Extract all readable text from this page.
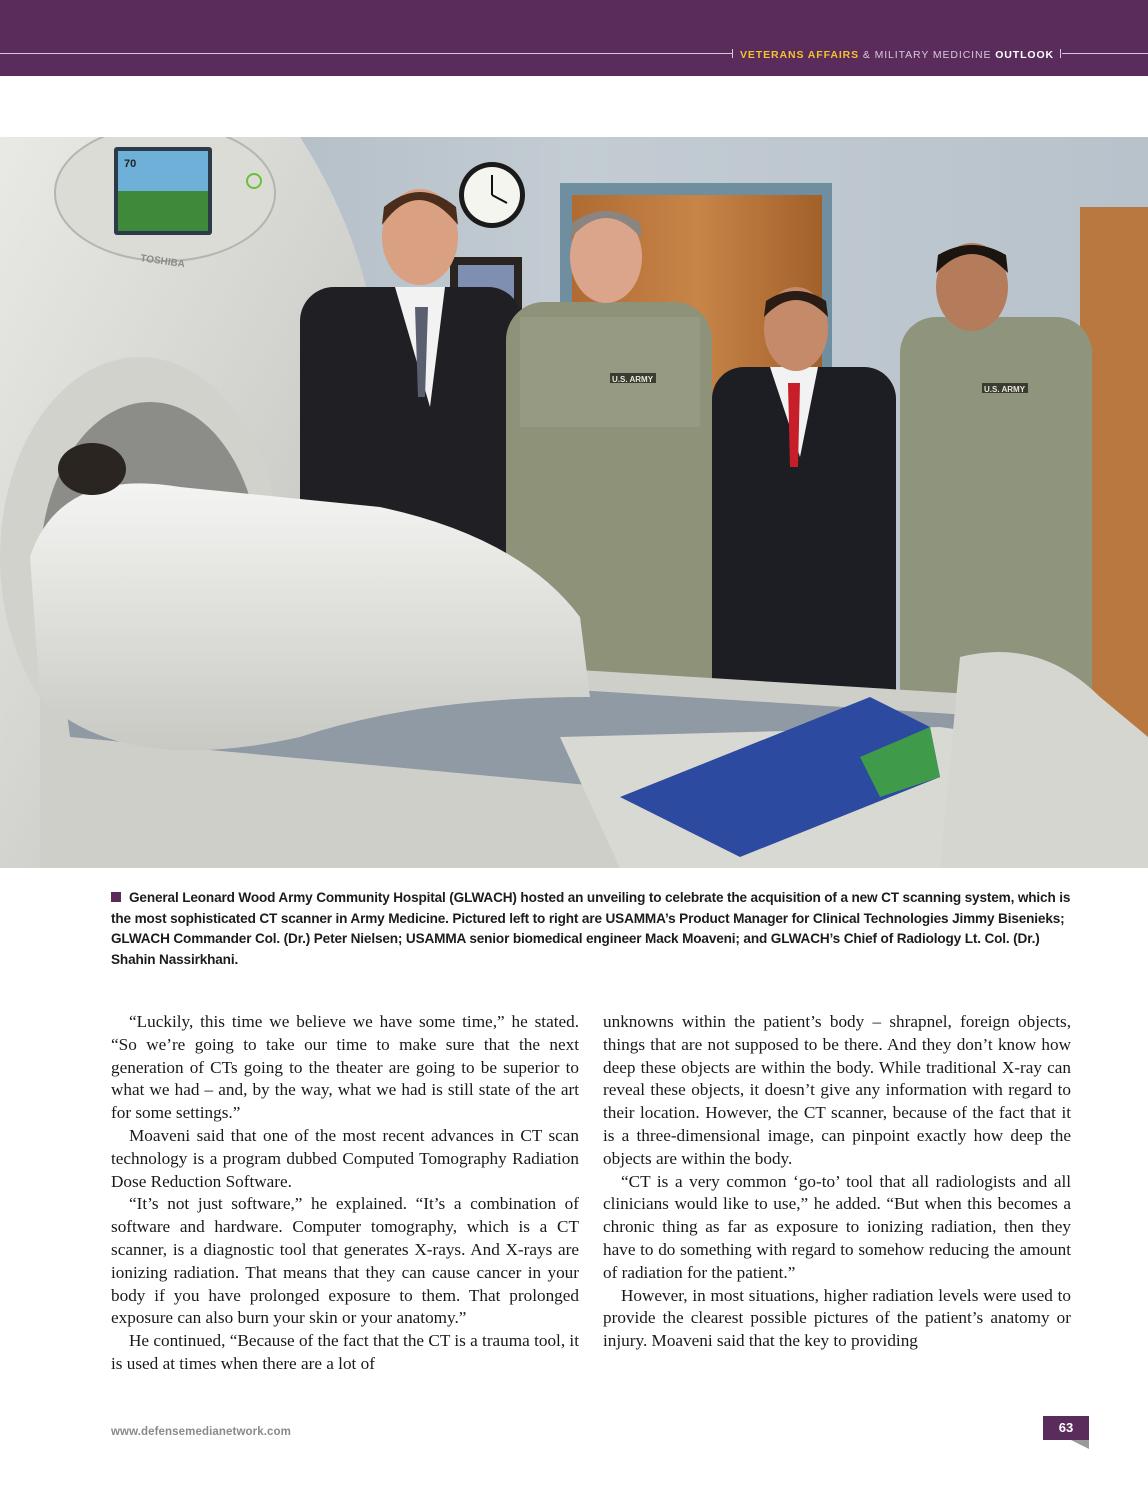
VETERANS AFFAIRS & MILITARY MEDICINE OUTLOOK
70
TOSHIBA
U.S. ARMY
U.S. ARMY
General Leonard Wood Army Community Hospital (GLWACH) hosted an unveiling to celebrate the acquisition of a new CT scanning system, which is the most sophisticated CT scanner in Army Medicine. Pictured left to right are USAMMA’s Product Manager for Clinical Technologies Jimmy Bisenieks; GLWACH Commander Col. (Dr.) Peter Nielsen; USAMMA senior biomedical engineer Mack Moaveni; and GLWACH’s Chief of Radiology Lt. Col. (Dr.) Shahin Nassirkhani.

“Luckily, this time we believe we have some time,” he stated. “So we’re going to take our time to make sure that the next generation of CTs going to the theater are going to be superior to what we had – and, by the way, what we had is still state of the art for some settings.”

Moaveni said that one of the most recent advances in CT scan technology is a program dubbed Computed Tomography Radiation Dose Reduction Software.

“It’s not just software,” he explained. “It’s a combination of software and hardware. Computer tomography, which is a CT scanner, is a diagnostic tool that generates X-rays. And X-rays are ionizing radiation. That means that they can cause cancer in your body if you have prolonged exposure to them. That prolonged exposure can also burn your skin or your anatomy.”

He continued, “Because of the fact that the CT is a trauma tool, it is used at times when there are a lot of

unknowns within the patient’s body – shrapnel, foreign objects, things that are not supposed to be there. And they don’t know how deep these objects are within the body. While traditional X-ray can reveal these objects, it doesn’t give any information with regard to their location. However, the CT scanner, because of the fact that it is a three-dimensional image, can pinpoint exactly how deep the objects are within the body.

“CT is a very common ‘go-to’ tool that all radiologists and all clinicians would like to use,” he added. “But when this becomes a chronic thing as far as exposure to ionizing radiation, then they have to do something with regard to somehow reducing the amount of radiation for the patient.”

However, in most situations, higher radiation levels were used to provide the clearest possible pictures of the patient’s anatomy or injury. Moaveni said that the key to providing

www.defensemedianetwork.com	63
